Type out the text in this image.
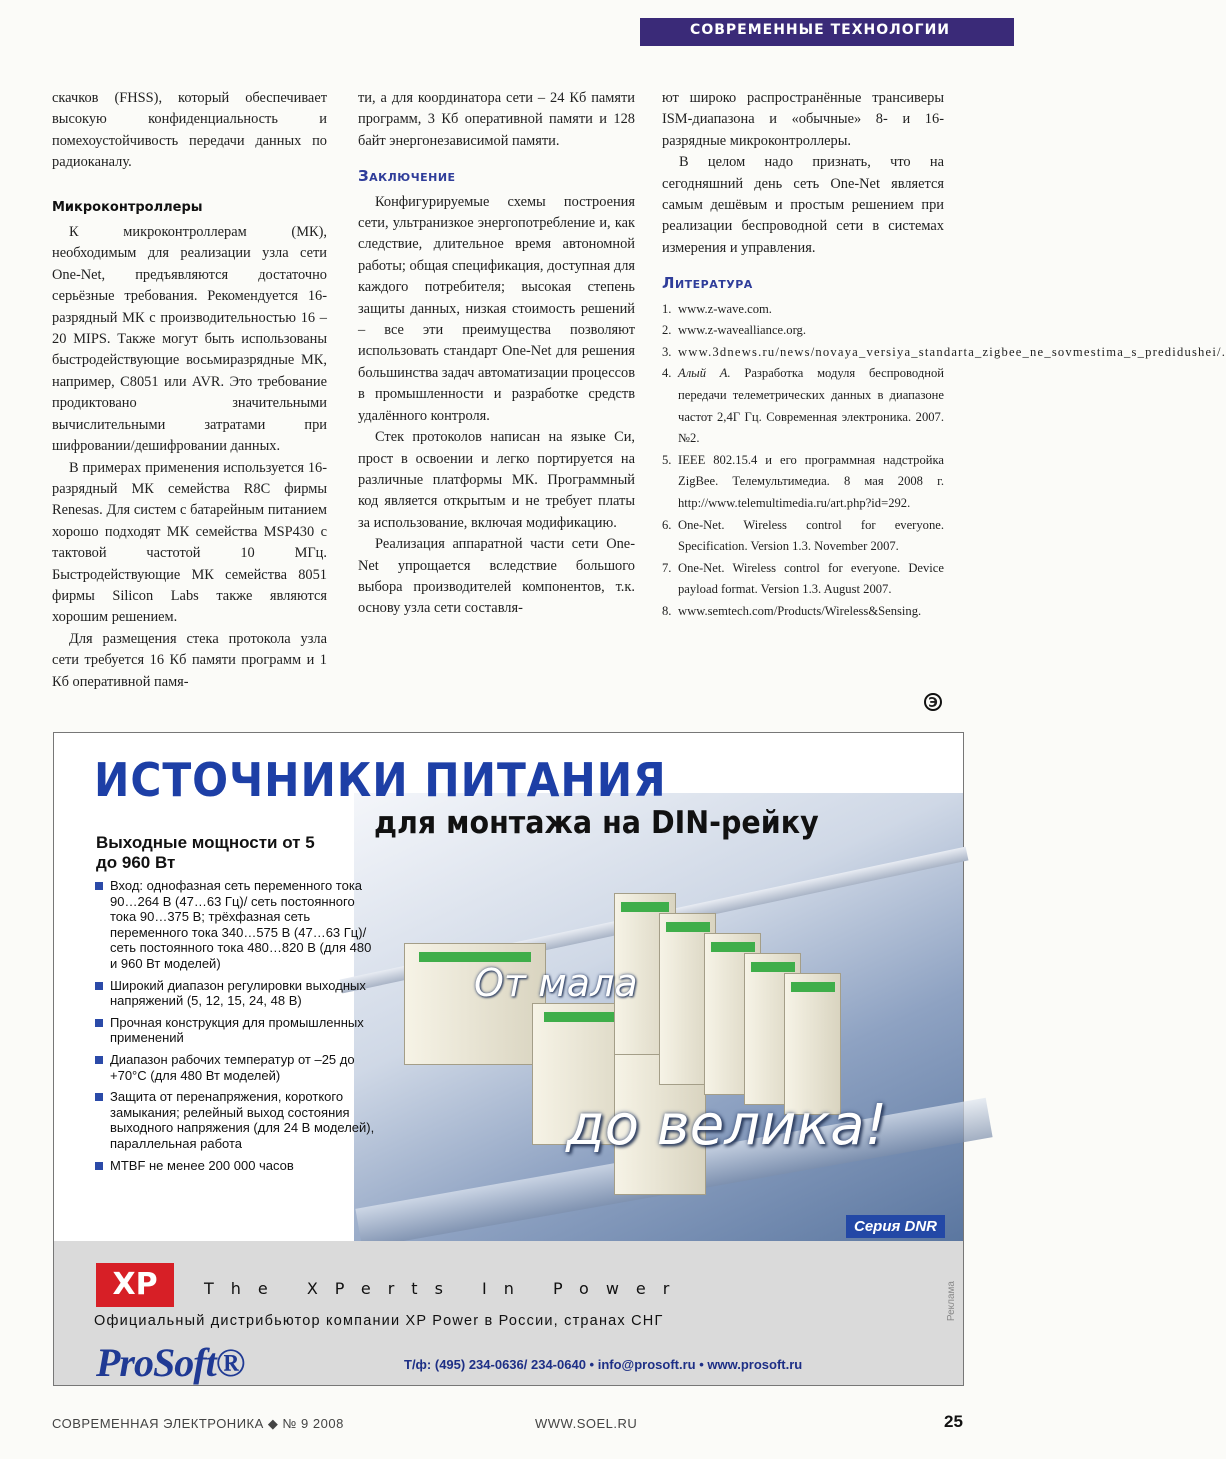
СОВРЕМЕННЫЕ ТЕХНОЛОГИИ

скачков (FHSS), который обеспечивает высокую конфиденциальность и помехоустойчивость передачи данных по радиоканалу.

Микроконтроллеры

К микроконтроллерам (МК), необходимым для реализации узла сети One-Net, предъявляются достаточно серьёзные требования. Рекомендуется 16-разрядный МК с производительностью 16 – 20 MIPS. Также могут быть использованы быстродействующие восьмиразрядные МК, например, C8051 или AVR. Это требование продиктовано значительными вычислительными затратами при шифровании/дешифровании данных.

В примерах применения используется 16-разрядный МК семейства R8C фирмы Renesas. Для систем с батарейным питанием хорошо подходят МК семейства MSP430 с тактовой частотой 10 МГц. Быстродействующие МК семейства 8051 фирмы Silicon Labs также являются хорошим решением.

Для размещения стека протокола узла сети требуется 16 Кб памяти программ и 1 Кб оперативной памя-

ти, а для координатора сети – 24 Кб памяти программ, 3 Кб оперативной памяти и 128 байт энергонезависимой памяти.

Заключение

Конфигурируемые схемы построения сети, ультранизкое энергопотребление и, как следствие, длительное время автономной работы; общая спецификация, доступная для каждого потребителя; высокая степень защиты данных, низкая стоимость решений – все эти преимущества позволяют использовать стандарт One-Net для решения большинства задач автоматизации процессов в промышленности и разработке средств удалённого контроля.

Стек протоколов написан на языке Си, прост в освоении и легко портируется на различные платформы МК. Программный код является открытым и не требует платы за использование, включая модификацию.

Реализация аппаратной части сети One-Net упрощается вследствие большого выбора производителей компонентов, т.к. основу узла сети составля-

ют широко распространённые трансиверы ISM-диапазона и «обычные» 8- и 16-разрядные микроконтроллеры.

В целом надо признать, что на сегодняшний день сеть One-Net является самым дешёвым и простым решением при реализации беспроводной сети в системах измерения и управления.

Литература
1. www.z-wave.com.
2. www.z-wavealliance.org.
3. www.3dnews.ru/news/novaya_versiya_standarta_zigbee_ne_sovmestima_s_predidushei/.
4. Алый А. Разработка модуля беспроводной передачи телеметрических данных в диапазоне частот 2,4Г Гц. Современная электроника. 2007. №2.
5. IEEE 802.15.4 и его программная надстройка ZigBee. Телемультимедиа. 8 мая 2008 г. http://www.telemultimedia.ru/art.php?id=292.
6. One-Net. Wireless control for everyone. Specification. Version 1.3. November 2007.
7. One-Net. Wireless control for everyone. Device payload format. Version 1.3. August 2007.
8. www.semtech.com/Products/Wireless&Sensing.
Э
ИСТОЧНИКИ ПИТАНИЯ
для монтажа на DIN-рейку
Выходные мощности от 5 до 960 Вт
Вход: однофазная сеть переменного тока 90…264 В (47…63 Гц)/ сеть постоянного тока 90…375 В; трёхфазная сеть переменного тока 340…575 В (47…63 Гц)/ сеть постоянного тока 480…820 В (для 480 и 960 Вт моделей)
Широкий диапазон регулировки выходных напряжений (5, 12, 15, 24, 48 В)
Прочная конструкция для промышленных применений
Диапазон рабочих температур от –25 до +70°C (для 480 Вт моделей)
Защита от перенапряжения, короткого замыкания; релейный выход состояния выходного напряжения (для 24 В моделей), параллельная работа
MTBF не менее 200 000 часов
От мала
до велика!
Серия DNR
XP	The XPerts In Power
Официальный дистрибьютор компании XP Power в России, странах СНГ
ProSoft®	Т/ф: (495) 234-0636/ 234-0640 • info@prosoft.ru • www.prosoft.ru
Реклама
СОВРЕМЕННАЯ ЭЛЕКТРОНИКА ◆ № 9 2008	WWW.SOEL.RU	25
